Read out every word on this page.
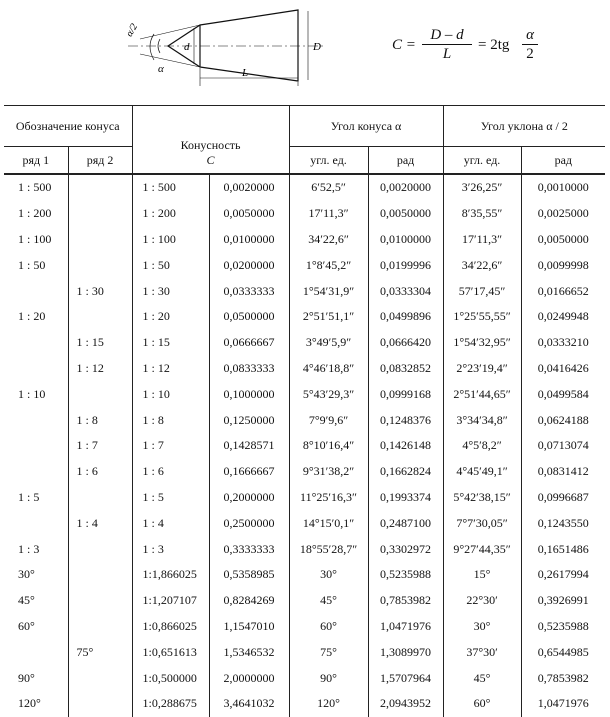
α/2
α
d	D
L
$C = \frac{D - d}{L} = 2tg \frac{\alpha}{2}$
Обозначение конуса		Конусность
C		Угол конуса α		Угол уклона α / 2	
ряд 1	ряд 2			угл. ед.	рад	угл. ед.	рад
1 : 500		1 : 500	0,0020000	6′52,5″	0,0020000	3′26,25″	0,0010000
1 : 200		1 : 200	0,0050000	17′11,3″	0,0050000	8′35,55″	0,0025000
1 : 100		1 : 100	0,0100000	34′22,6″	0,0100000	17′11,3″	0,0050000
1 : 50		1 : 50	0,0200000	1°8′45,2″	0,0199996	34′22,6″	0,0099998
	1 : 30	1 : 30	0,0333333	1°54′31,9″	0,0333304	57′17,45″	0,0166652
1 : 20		1 : 20	0,0500000	2°51′51,1″	0,0499896	1°25′55,55″	0,0249948
	1 : 15	1 : 15	0,0666667	3°49′5,9″	0,0666420	1°54′32,95″	0,0333210
	1 : 12	1 : 12	0,0833333	4°46′18,8″	0,0832852	2°23′19,4″	0,0416426
1 : 10		1 : 10	0,1000000	5°43′29,3″	0,0999168	2°51′44,65″	0,0499584
	1 : 8	1 : 8	0,1250000	7°9′9,6″	0,1248376	3°34′34,8″	0,0624188
	1 : 7	1 : 7	0,1428571	8°10′16,4″	0,1426148	4°5′8,2″	0,0713074
	1 : 6	1 : 6	0,1666667	9°31′38,2″	0,1662824	4°45′49,1″	0,0831412
1 : 5		1 : 5	0,2000000	11°25′16,3″	0,1993374	5°42′38,15″	0,0996687
	1 : 4	1 : 4	0,2500000	14°15′0,1″	0,2487100	7°7′30,05″	0,1243550
1 : 3		1 : 3	0,3333333	18°55′28,7″	0,3302972	9°27′44,35″	0,1651486
30°		1:1,866025	0,5358985	30°	0,5235988	15°	0,2617994
45°		1:1,207107	0,8284269	45°	0,7853982	22°30′	0,3926991
60°		1:0,866025	1,1547010	60°	1,0471976	30°	0,5235988
	75°	1:0,651613	1,5346532	75°	1,3089970	37°30′	0,6544985
90°		1:0,500000	2,0000000	90°	1,5707964	45°	0,7853982
120°		1:0,288675	3,4641032	120°	2,0943952	60°	1,0471976
